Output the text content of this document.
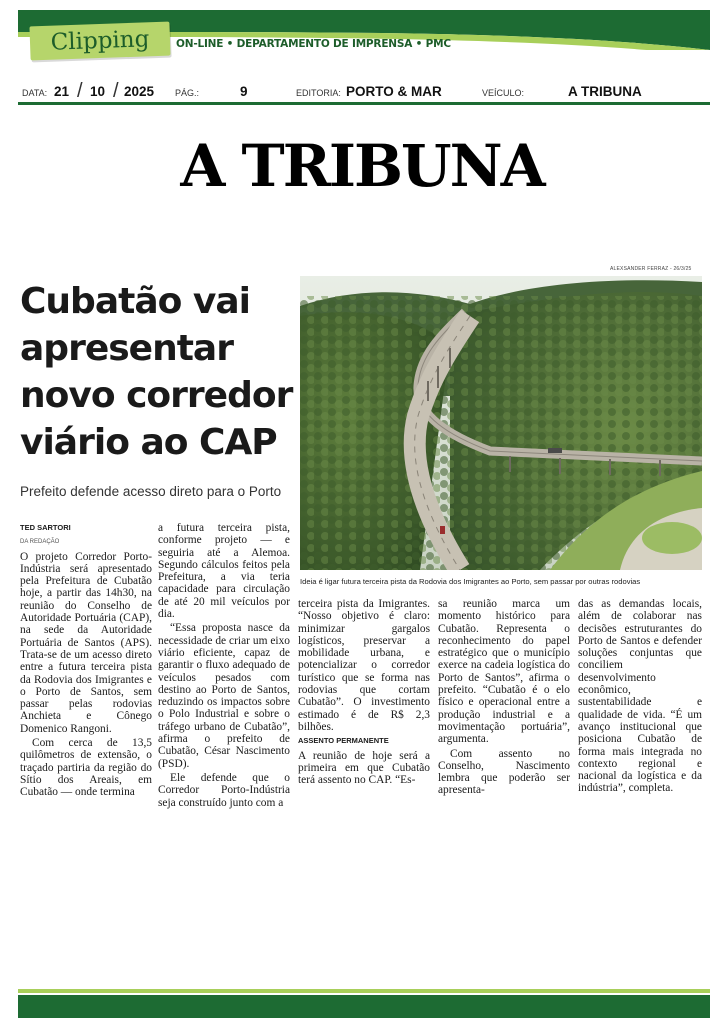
Clipping ON-LINE • DEPARTAMENTO DE IMPRENSA • PMC
DATA: 21 / 10 / 2025 PÁG.:	9	EDITORIA: PORTO & MAR	VEÍCULO:	A TRIBUNA
A TRIBUNA
Cubatão vai apresentar novo corredor viário ao CAP
Prefeito defende acesso direto para o Porto
ALEXSANDER FERRAZ - 26/3/25
Ideia é ligar futura terceira pista da Rodovia dos Imigrantes ao Porto, sem passar por outras rodovias

TED SARTORI

DA REDAÇÃO

O projeto Corredor Porto-Indústria será apresentado pela Prefeitura de Cubatão hoje, a partir das 14h30, na reunião do Conselho de Autoridade Portuária (CAP), na sede da Autoridade Portuária de Santos (APS). Trata-se de um acesso direto entre a futura terceira pista da Rodovia dos Imigrantes e o Porto de Santos, sem passar pelas rodovias Anchieta e Cônego Domenico Rangoni.

Com cerca de 13,5 quilômetros de extensão, o traçado partiria da região do Sítio dos Areais, em Cubatão — onde termina

a futura terceira pista, conforme projeto — e seguiria até a Alemoa. Segundo cálculos feitos pela Prefeitura, a via teria capacidade para circulação de até 20 mil veículos por dia.

“Essa proposta nasce da necessidade de criar um eixo viário eficiente, capaz de garantir o fluxo adequado de veículos pesados com destino ao Porto de Santos, reduzindo os impactos sobre o Polo Industrial e sobre o tráfego urbano de Cubatão”, afirma o prefeito de Cubatão, César Nascimento (PSD).

Ele defende que o Corredor Porto-Indústria seja construído junto com a

terceira pista da Imigrantes. “Nosso objetivo é claro: minimizar gargalos logísticos, preservar a mobilidade urbana, e potencializar o corredor turístico que se forma nas rodovias que cortam Cubatão”. O investimento estimado é de R$ 2,3 bilhões.

ASSENTO PERMANENTE

A reunião de hoje será a primeira em que Cubatão terá assento no CAP. “Es-

sa reunião marca um momento histórico para Cubatão. Representa o reconhecimento do papel estratégico que o município exerce na cadeia logística do Porto de Santos”, afirma o prefeito. “Cubatão é o elo físico e operacional entre a produção industrial e a movimentação portuária”, argumenta.

Com assento no Conselho, Nascimento lembra que poderão ser apresenta-

das as demandas locais, além de colaborar nas decisões estruturantes do Porto de Santos e defender soluções conjuntas que conciliem desenvolvimento econômico, sustentabilidade e qualidade de vida. “É um avanço institucional que posiciona Cubatão de forma mais integrada no contexto regional e nacional da logística e da indústria”, completa.
